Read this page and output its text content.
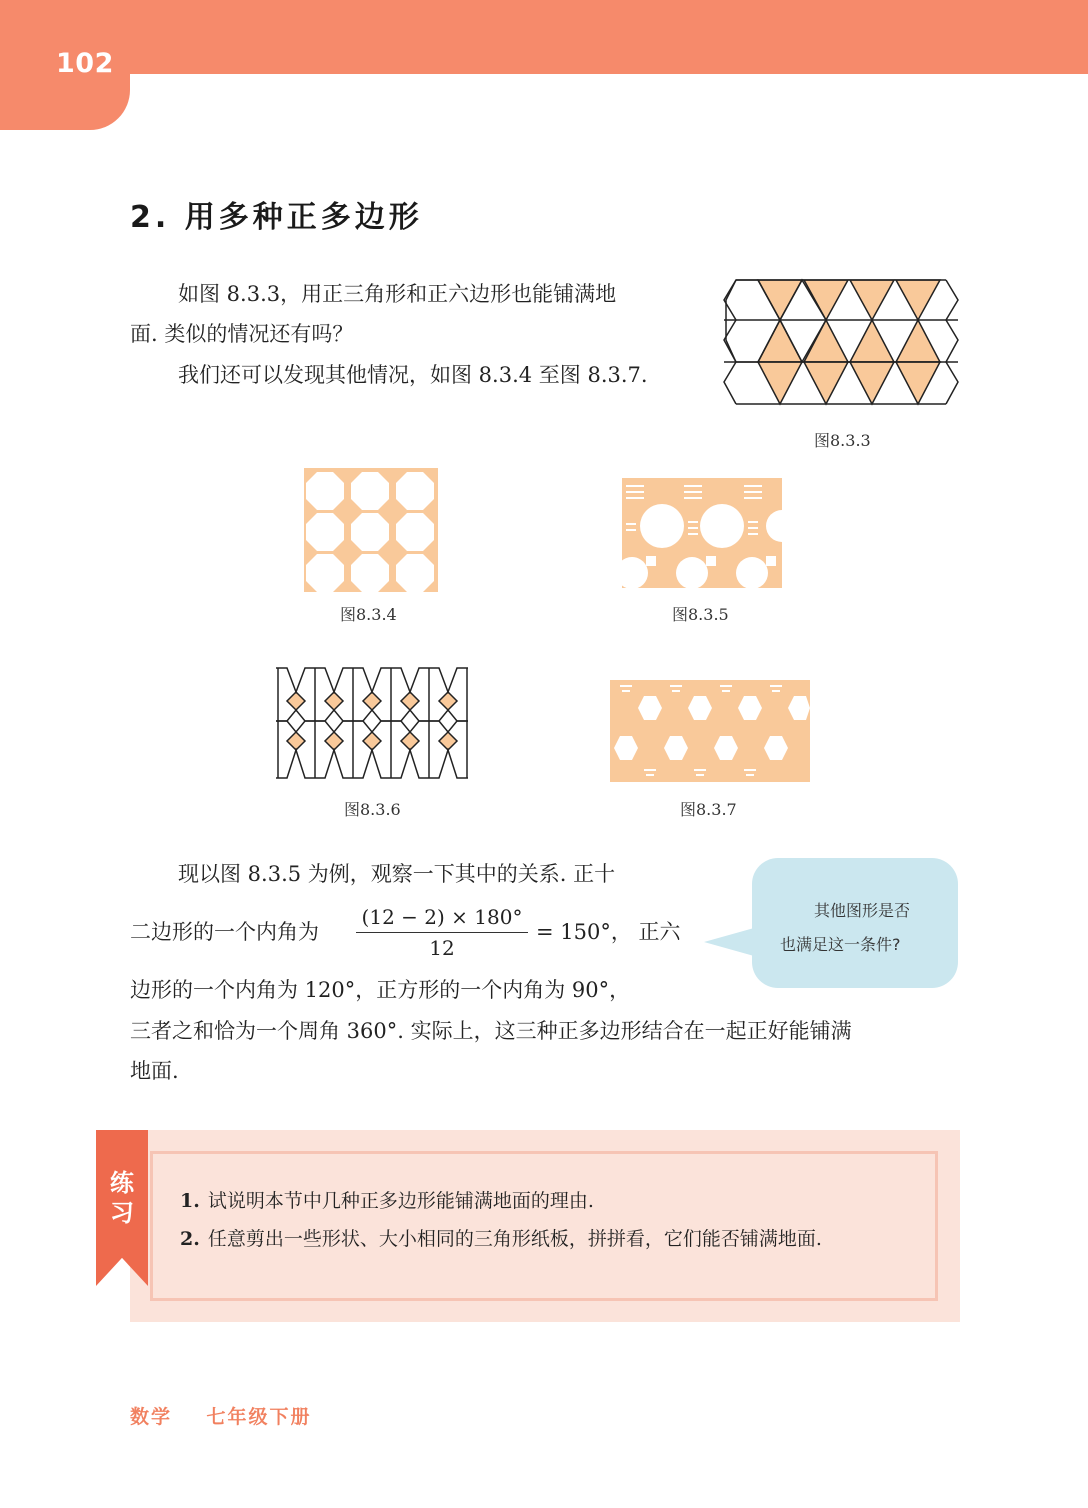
102
2. 用多种正多边形
如图 8.3.3，用正三角形和正六边形也能铺满地
面. 类似的情况还有吗？
我们还可以发现其他情况，如图 8.3.4 至图 8.3.7.
图8.3.3
图8.3.4	图8.3.5
图8.3.6	图8.3.7
现以图 8.3.5 为例，观察一下其中的关系. 正十
二边形的一个内角为
(12 − 2) × 180°
12
= 150°， 正六
边形的一个内角为 120°，正方形的一个内角为 90°，
三者之和恰为一个周角 360°. 实际上，这三种正多边形结合在一起正好能铺满
地面.
其他图形是否
也满足这一条件?
练习 1. 试说明本节中几种正多边形能铺满地面的理由.
2. 任意剪出一些形状、大小相同的三角形纸板，拼拼看，它们能否铺满地面.
数学    七年级下册
